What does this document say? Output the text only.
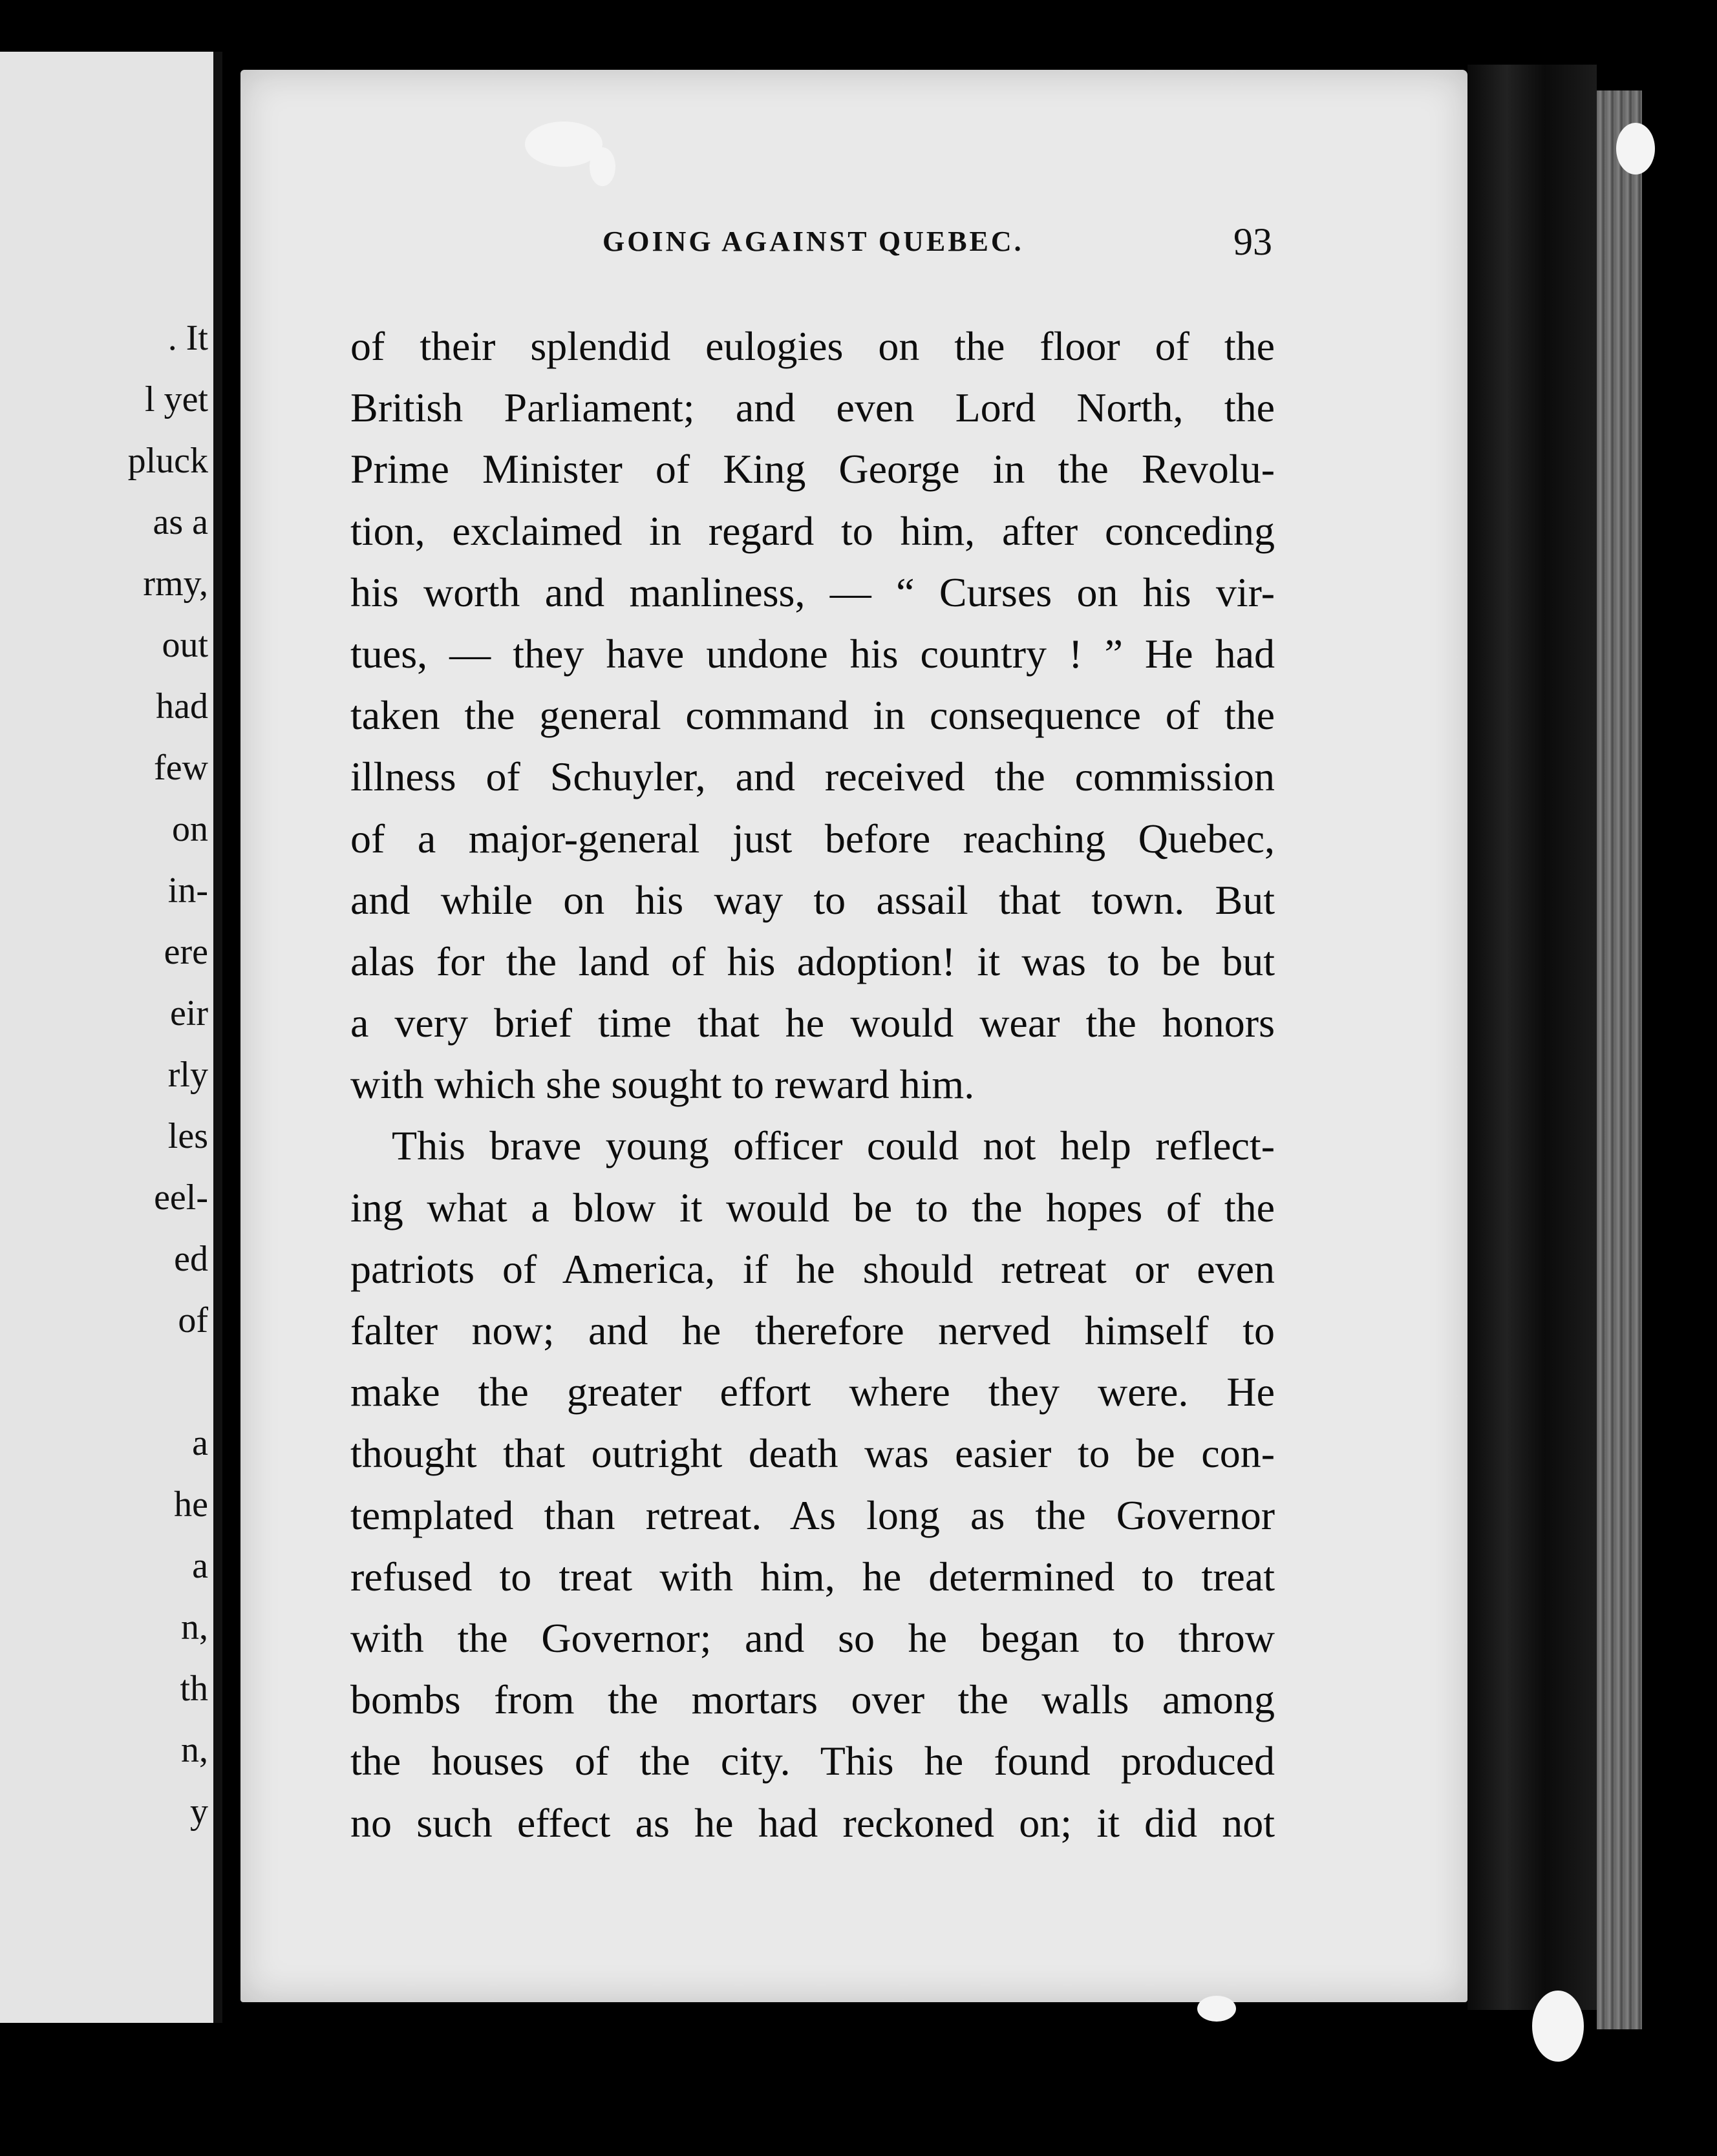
. It
l yet
pluck
as a
rmy,
out
had
few
on
in-
ere
eir
rly
les
eel-
ed
of
a
he
a
n,
th
n,
y
GOING AGAINST QUEBEC.	93
of their splendid eulogies on the floor of the
British Parliament; and even Lord North, the
Prime Minister of King George in the Revolu-
tion, exclaimed in regard to him, after conceding
his worth and manliness, — “ Curses on his vir-
tues, — they have undone his country ! ” He had
taken the general command in consequence of the
illness of Schuyler, and received the commission
of a major-general just before reaching Quebec,
and while on his way to assail that town. But
alas for the land of his adoption! it was to be but
a very brief time that he would wear the honors
with which she sought to reward him.
This brave young officer could not help reflect-
ing what a blow it would be to the hopes of the
patriots of America, if he should retreat or even
falter now; and he therefore nerved himself to
make the greater effort where they were. He
thought that outright death was easier to be con-
templated than retreat. As long as the Governor
refused to treat with him, he determined to treat
with the Governor; and so he began to throw
bombs from the mortars over the walls among
the houses of the city. This he found produced
no such effect as he had reckoned on; it did not
